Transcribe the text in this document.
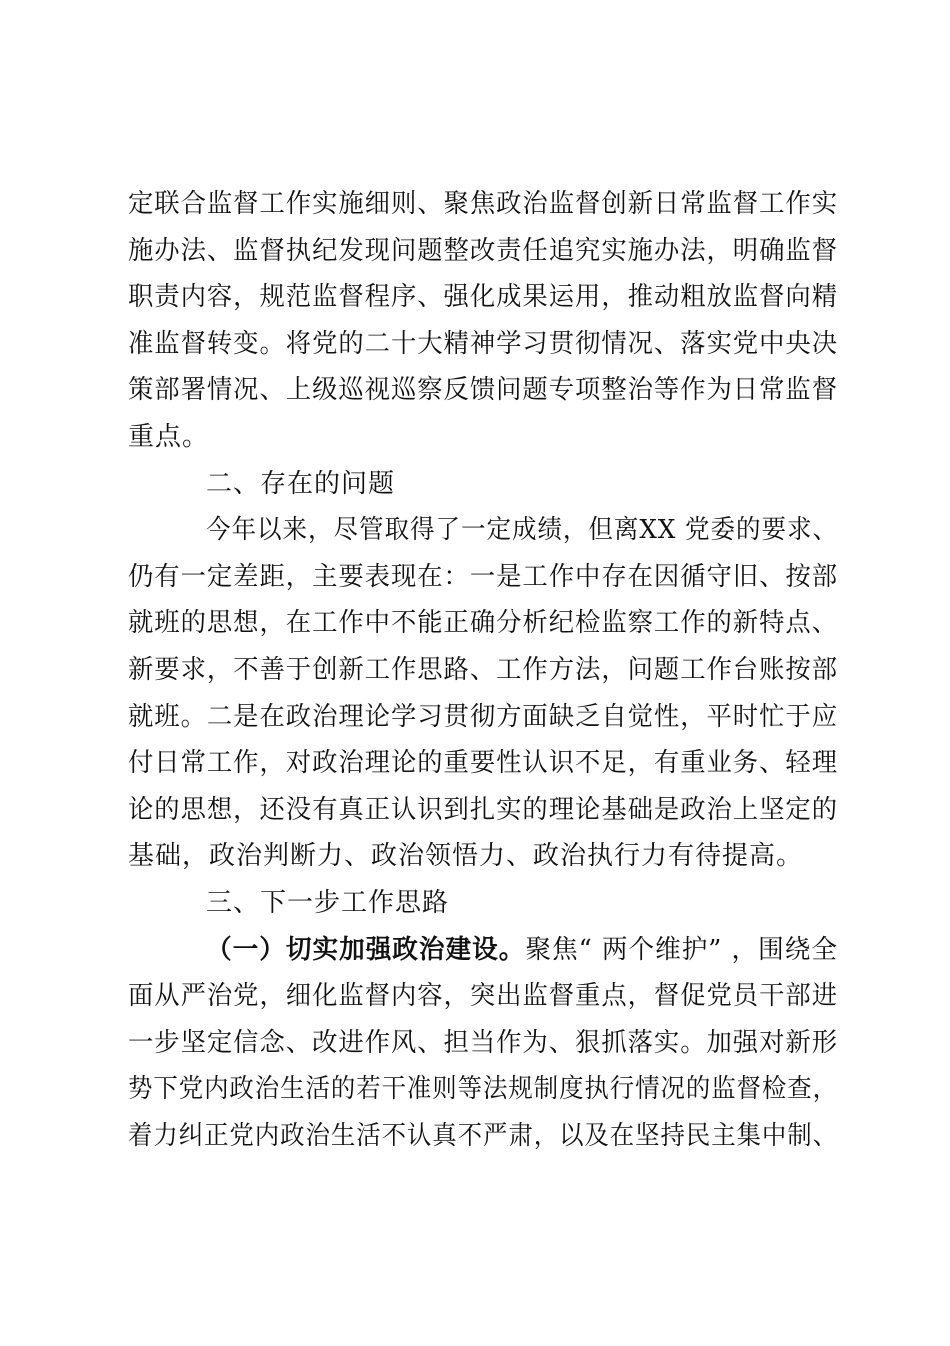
定联合监督工作实施细则、聚焦政治监督创新日常监督工作实
施办法、监督执纪发现问题整改责任追究实施办法，明确监督
职责内容，规范监督程序、强化成果运用，推动粗放监督向精
准监督转变。将党的二十大精神学习贯彻情况、落实党中央决
策部署情况、上级巡视巡察反馈问题专项整治等作为日常监督
重点。
二、存在的问题
今年以来，尽管取得了一定成绩，但离XX 党委的要求、
仍有一定差距，主要表现在：一是工作中存在因循守旧、按部
就班的思想，在工作中不能正确分析纪检监察工作的新特点、
新要求，不善于创新工作思路、工作方法，问题工作台账按部
就班。二是在政治理论学习贯彻方面缺乏自觉性，平时忙于应
付日常工作，对政治理论的重要性认识不足，有重业务、轻理
论的思想，还没有真正认识到扎实的理论基础是政治上坚定的
基础，政治判断力、政治领悟力、政治执行力有待提高。
三、下一步工作思路
（一）切实加强政治建设。聚焦“ 两个维护” ，围绕全
面从严治党，细化监督内容，突出监督重点，督促党员干部进
一步坚定信念、改进作风、担当作为、狠抓落实。加强对新形
势下党内政治生活的若干准则等法规制度执行情况的监督检查，
着力纠正党内政治生活不认真不严肃，以及在坚持民主集中制、
